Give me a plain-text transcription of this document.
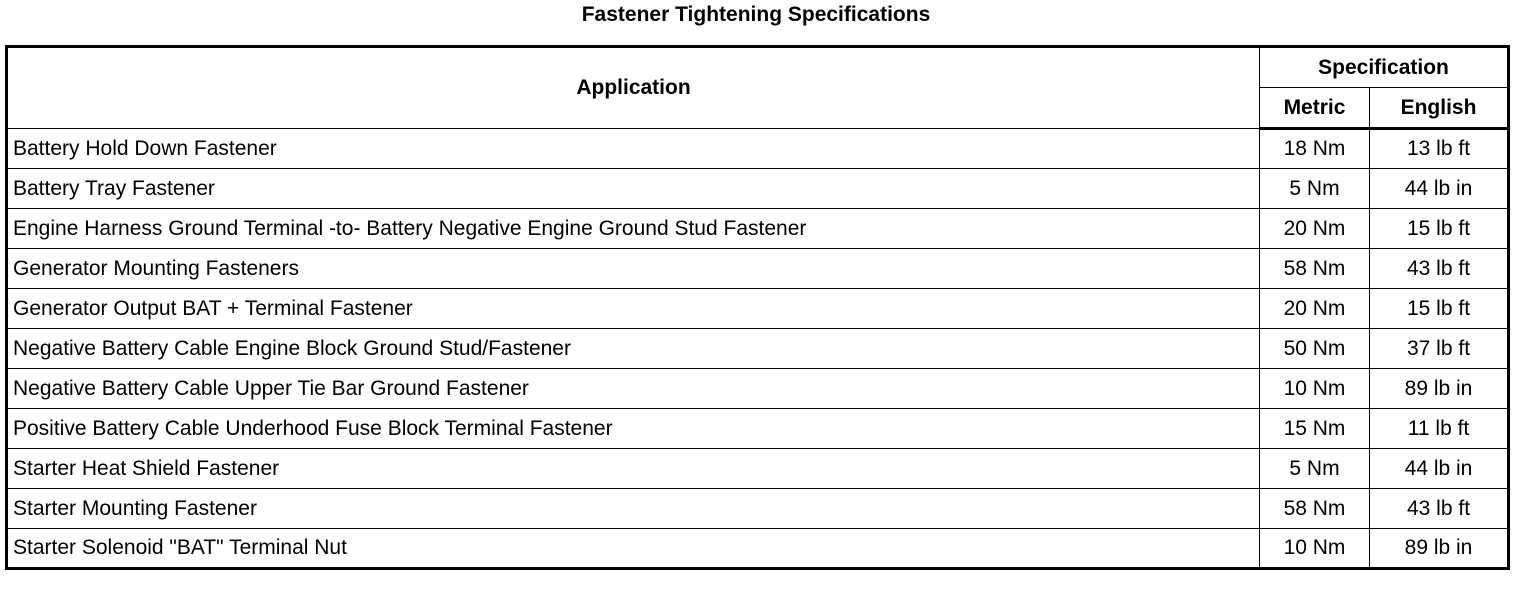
Fastener Tightening Specifications
Application	Specification	
	Metric	English
Battery Hold Down Fastener	18 Nm	13 lb ft
Battery Tray Fastener	5 Nm	44 lb in
Engine Harness Ground Terminal -to- Battery Negative Engine Ground Stud Fastener	20 Nm	15 lb ft
Generator Mounting Fasteners	58 Nm	43 lb ft
Generator Output BAT + Terminal Fastener	20 Nm	15 lb ft
Negative Battery Cable Engine Block Ground Stud/Fastener	50 Nm	37 lb ft
Negative Battery Cable Upper Tie Bar Ground Fastener	10 Nm	89 lb in
Positive Battery Cable Underhood Fuse Block Terminal Fastener	15 Nm	11 lb ft
Starter Heat Shield Fastener	5 Nm	44 lb in
Starter Mounting Fastener	58 Nm	43 lb ft
Starter Solenoid "BAT" Terminal Nut	10 Nm	89 lb in
